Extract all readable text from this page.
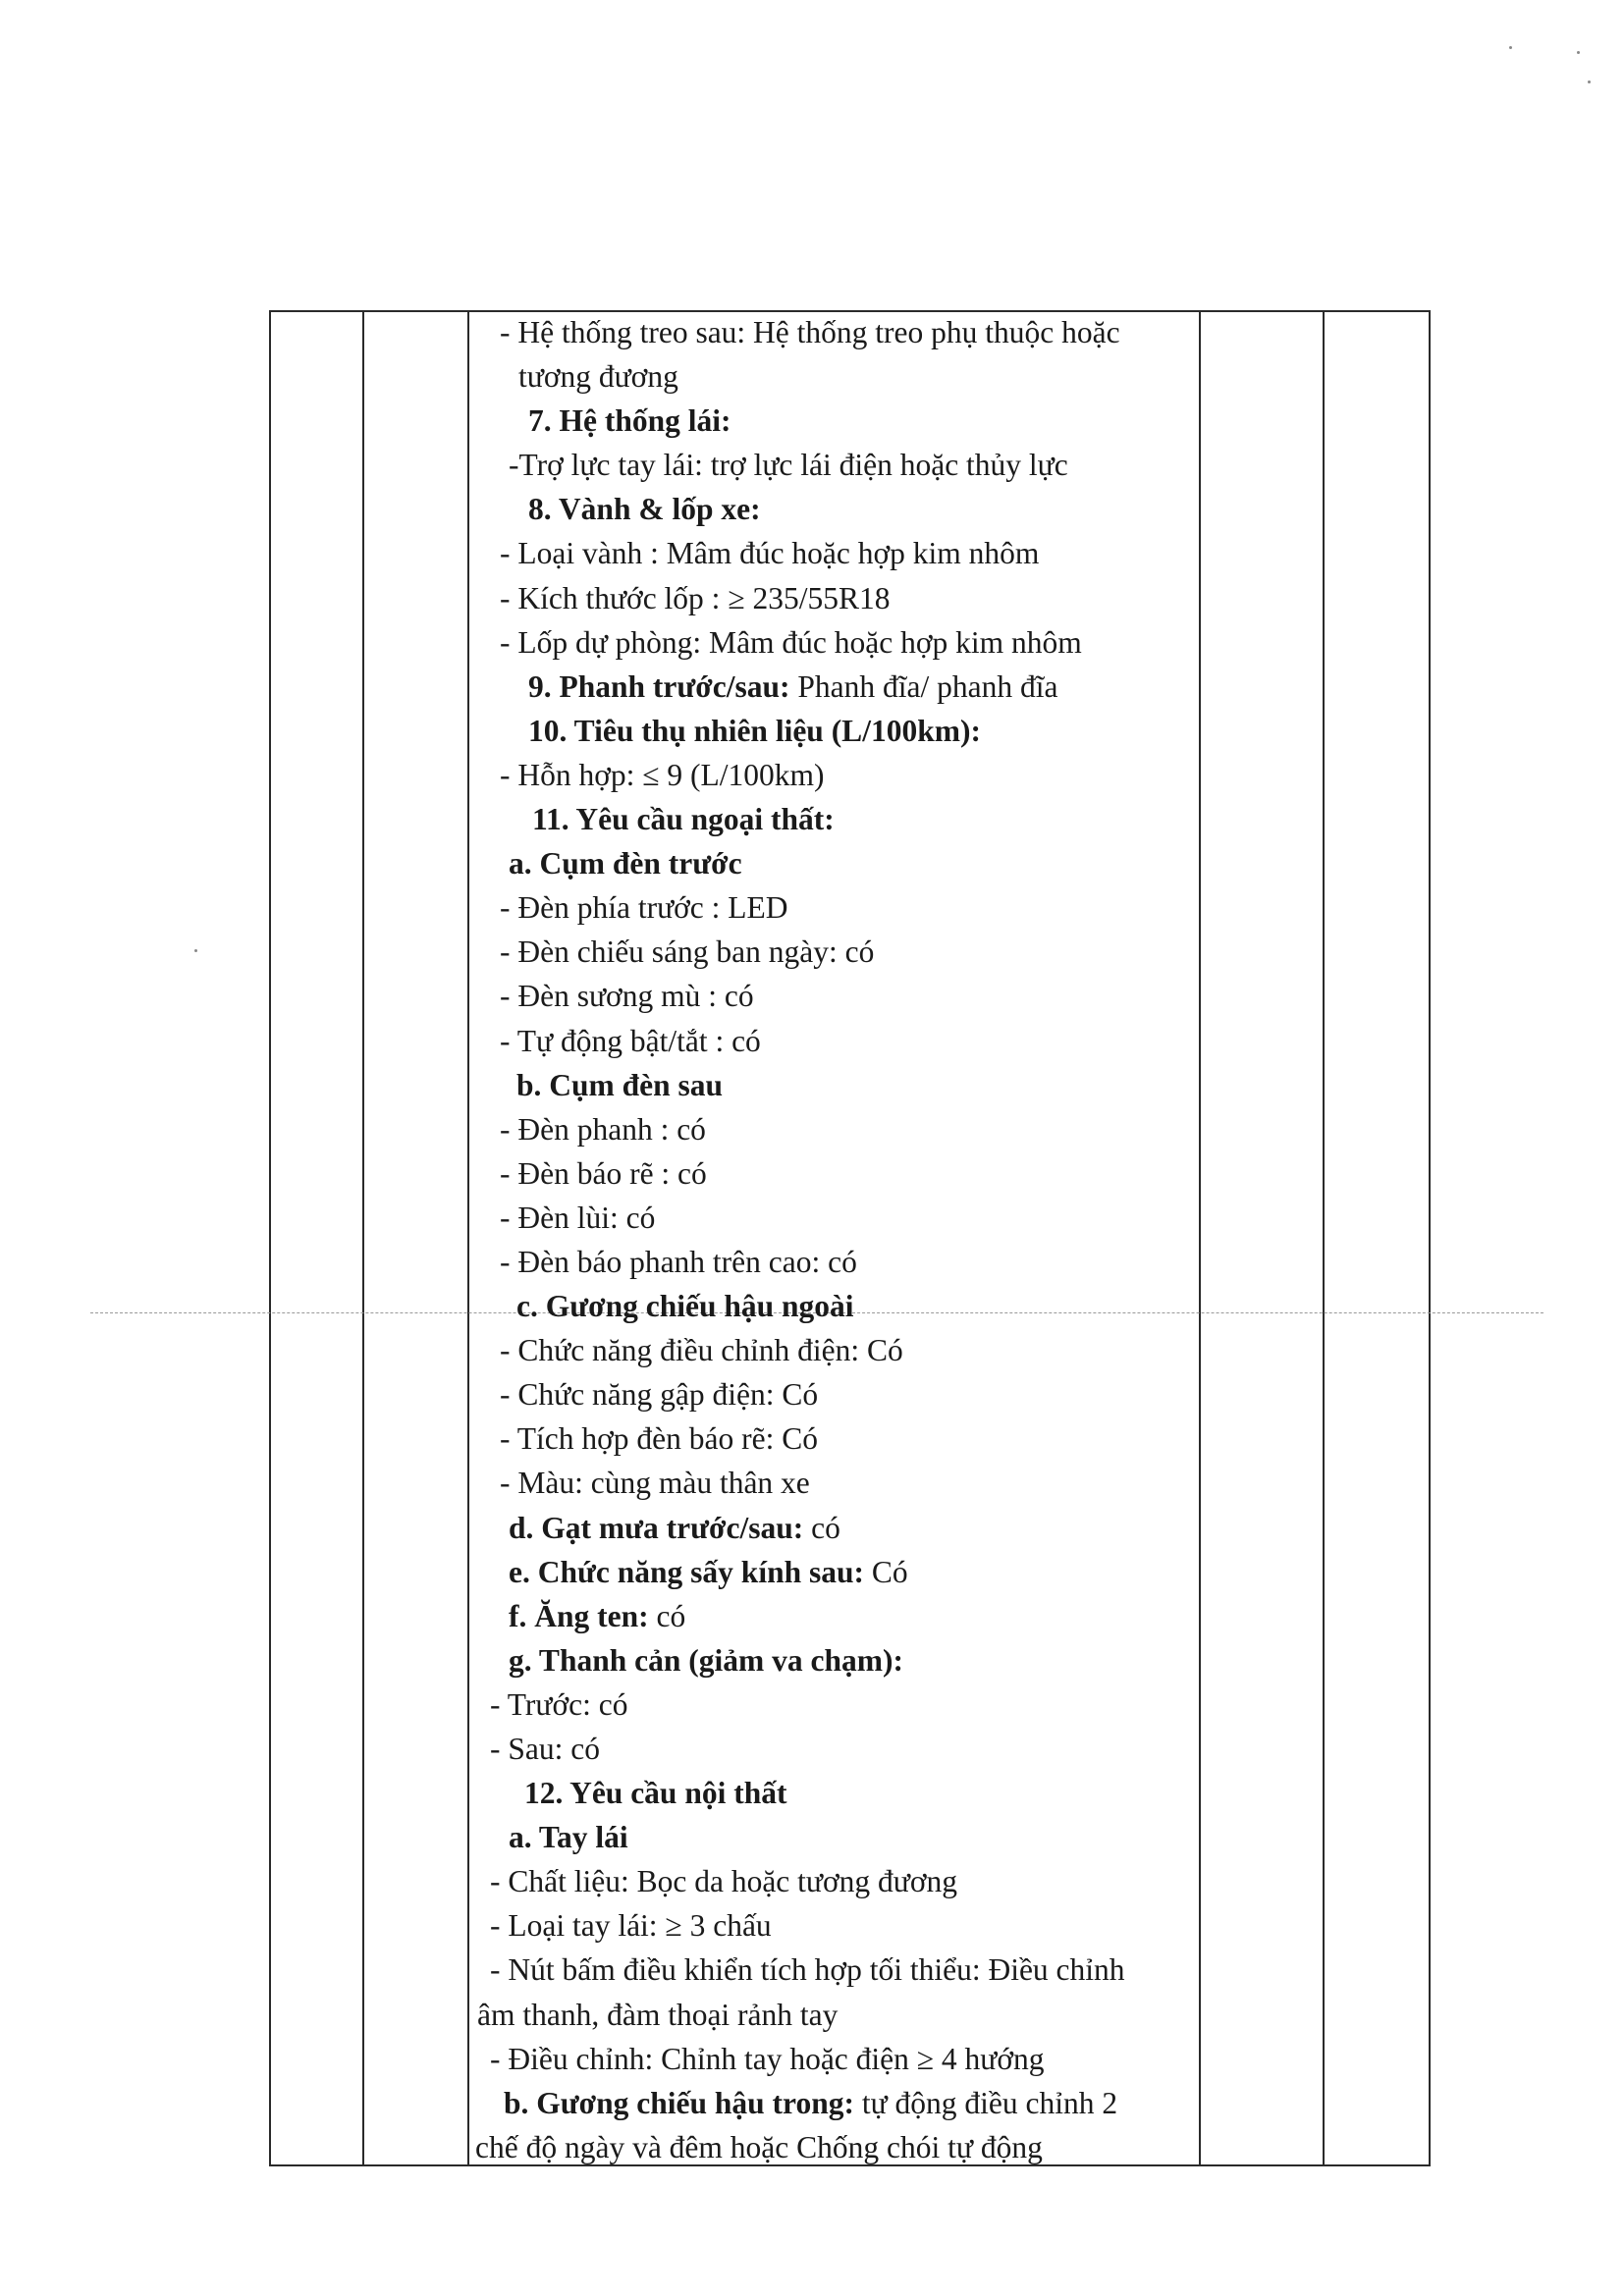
- Hệ thống treo sau: Hệ thống treo phụ thuộc hoặc
tương đương
7. Hệ thống lái:
-Trợ lực tay lái: trợ lực lái điện hoặc thủy lực
8. Vành & lốp xe:
- Loại vành : Mâm đúc hoặc hợp kim nhôm
- Kích thước lốp : ≥ 235/55R18
- Lốp dự phòng: Mâm đúc hoặc hợp kim nhôm
9. Phanh trước/sau: Phanh đĩa/ phanh đĩa
10. Tiêu thụ nhiên liệu (L/100km):
- Hỗn hợp: ≤ 9 (L/100km)
11. Yêu cầu ngoại thất:
a. Cụm đèn trước
- Đèn phía trước : LED
- Đèn chiếu sáng ban ngày: có
- Đèn sương mù : có
- Tự động bật/tắt : có
b. Cụm đèn sau
- Đèn phanh : có
- Đèn báo rẽ : có
- Đèn lùi: có
- Đèn báo phanh trên cao: có
c. Gương chiếu hậu ngoài
- Chức năng điều chỉnh điện: Có
- Chức năng gập điện: Có
- Tích hợp đèn báo rẽ: Có
- Màu: cùng màu thân xe
d. Gạt mưa trước/sau: có
e. Chức năng sấy kính sau: Có
f. Ăng ten: có
g. Thanh cản (giảm va chạm):
- Trước: có
- Sau: có
12. Yêu cầu nội thất
a. Tay lái
- Chất liệu: Bọc da hoặc tương đương
- Loại tay lái: ≥ 3 chấu
- Nút bấm điều khiển tích hợp tối thiểu: Điều chỉnh
âm thanh, đàm thoại rảnh tay
- Điều chỉnh: Chỉnh tay hoặc điện ≥ 4 hướng
b. Gương chiếu hậu trong: tự động điều chỉnh 2
chế độ ngày và đêm hoặc Chống chói tự động
